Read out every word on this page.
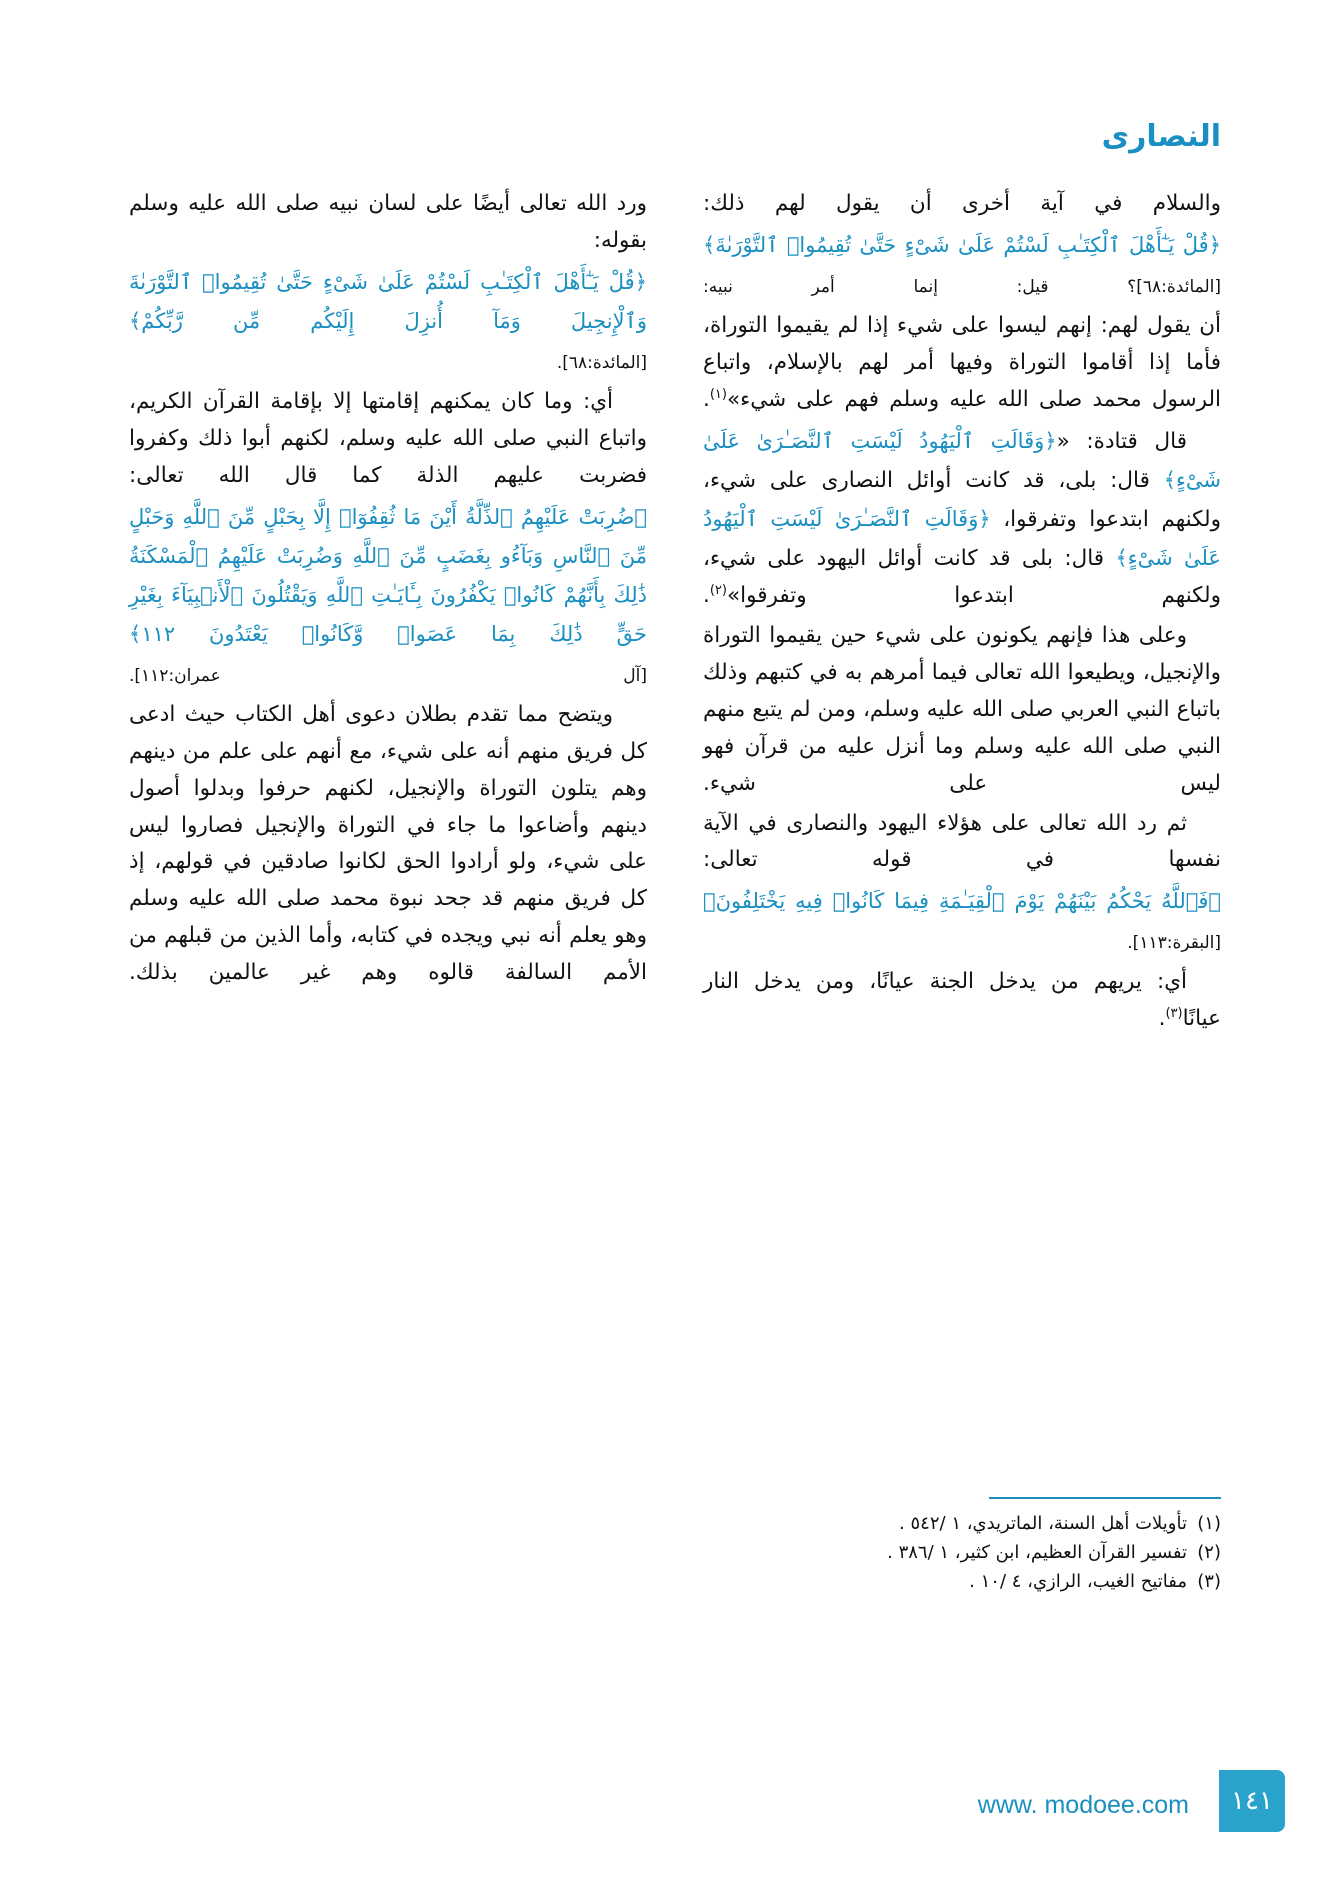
النصارى

والسلام في آية أخرى أن يقول لهم ذلك:

﴿قُلْ يَـٰٓأَهْلَ ٱلْكِتَـٰبِ لَسْتُمْ عَلَىٰ شَىْءٍ حَتَّىٰ تُقِيمُوا۟ ٱلتَّوْرَىٰةَ﴾

[المائدة:٦٨]؟ قيل: إنما أمر نبيه:

أن يقول لهم: إنهم ليسوا على شيء إذا لم يقيموا التوراة، فأما إذا أقاموا التوراة وفيها أمر لهم بالإسلام، واتباع الرسول محمد صلى الله عليه وسلم فهم على شيء»$^{(١)}$.

قال قتادة: «﴿وَقَالَتِ ٱلْيَهُودُ لَيْسَتِ ٱلنَّصَـٰرَىٰ عَلَىٰ شَىْءٍ﴾ قال: بلى، قد كانت أوائل النصارى على شيء، ولكنهم ابتدعوا وتفرقوا، ﴿وَقَالَتِ ٱلنَّصَـٰرَىٰ لَيْسَتِ ٱلْيَهُودُ عَلَىٰ شَىْءٍ﴾ قال: بلى قد كانت أوائل اليهود على شيء، ولكنهم ابتدعوا وتفرقوا»$^{(٢)}$.

وعلى هذا فإنهم يكونون على شيء حين يقيموا التوراة والإنجيل، ويطيعوا الله تعالى فيما أمرهم به في كتبهم وذلك باتباع النبي العربي صلى الله عليه وسلم، ومن لم يتبع منهم النبي صلى الله عليه وسلم وما أنزل عليه من قرآن فهو ليس على شيء.

ثم رد الله تعالى على هؤلاء اليهود والنصارى في الآية نفسها في قوله تعالى:

﴿فَٱللَّهُ يَحْكُمُ بَيْنَهُمْ يَوْمَ ٱلْقِيَـٰمَةِ فِيمَا كَانُوا۟ فِيهِ يَخْتَلِفُونَ﴾

[البقرة:١١٣].

أي: يريهم من يدخل الجنة عيانًا، ومن يدخل النار عيانًا$^{(٣)}$.

(١)تأويلات أهل السنة، الماتريدي، ١ /٥٤٢ .
(٢)تفسير القرآن العظيم، ابن كثير، ١ /٣٨٦ .
(٣)مفاتيح الغيب، الرازي، ٤ /١٠ .

ورد الله تعالى أيضًا على لسان نبيه صلى الله عليه وسلم بقوله:

﴿قُلْ يَـٰٓأَهْلَ ٱلْكِتَـٰبِ لَسْتُمْ عَلَىٰ شَىْءٍ حَتَّىٰ تُقِيمُوا۟ ٱلتَّوْرَىٰةَ وَٱلْإِنجِيلَ وَمَآ أُنزِلَ إِلَيْكُم مِّن رَّبِّكُمْ﴾

[المائدة:٦٨].

أي: وما كان يمكنهم إقامتها إلا بإقامة القرآن الكريم، واتباع النبي صلى الله عليه وسلم، لكنهم أبوا ذلك وكفروا فضربت عليهم الذلة كما قال الله تعالى:

﴿ضُرِبَتْ عَلَيْهِمُ ٱلذِّلَّةُ أَيْنَ مَا ثُقِفُوٓا۟ إِلَّا بِحَبْلٍ مِّنَ ٱللَّهِ وَحَبْلٍ مِّنَ ٱلنَّاسِ وَبَآءُو بِغَضَبٍ مِّنَ ٱللَّهِ وَضُرِبَتْ عَلَيْهِمُ ٱلْمَسْكَنَةُ ذَٰلِكَ بِأَنَّهُمْ كَانُوا۟ يَكْفُرُونَ بِـَٔايَـٰتِ ٱللَّهِ وَيَقْتُلُونَ ٱلْأَنۢبِيَآءَ بِغَيْرِ حَقٍّ ذَٰلِكَ بِمَا عَصَوا۟ وَّكَانُوا۟ يَعْتَدُونَ ١١٢﴾

[آل عمران:١١٢].

ويتضح مما تقدم بطلان دعوى أهل الكتاب حيث ادعى كل فريق منهم أنه على شيء، مع أنهم على علم من دينهم وهم يتلون التوراة والإنجيل، لكنهم حرفوا وبدلوا أصول دينهم وأضاعوا ما جاء في التوراة والإنجيل فصاروا ليس على شيء، ولو أرادوا الحق لكانوا صادقين في قولهم، إذ كل فريق منهم قد جحد نبوة محمد صلى الله عليه وسلم وهو يعلم أنه نبي ويجده في كتابه، وأما الذين من قبلهم من الأمم السالفة قالوه وهم غير عالمين بذلك.

١٤١
www. modoee.com
